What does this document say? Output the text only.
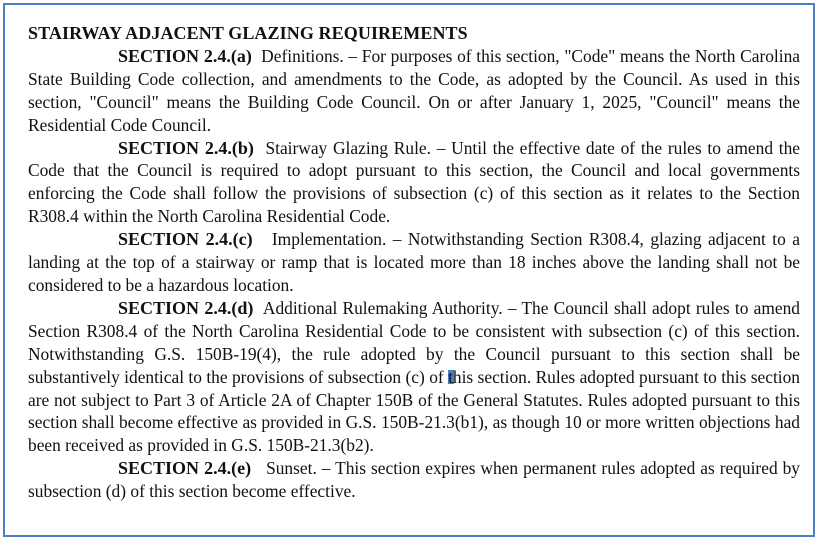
STAIRWAY ADJACENT GLAZING REQUIREMENTS

SECTION 2.4.(a) Definitions. – For purposes of this section, "Code" means the North Carolina State Building Code collection, and amendments to the Code, as adopted by the Council. As used in this section, "Council" means the Building Code Council. On or after January 1, 2025, "Council" means the Residential Code Council.

SECTION 2.4.(b) Stairway Glazing Rule. – Until the effective date of the rules to amend the Code that the Council is required to adopt pursuant to this section, the Council and local governments enforcing the Code shall follow the provisions of subsection (c) of this section as it relates to the Section R308.4 within the North Carolina Residential Code.

SECTION 2.4.(c) Implementation. – Notwithstanding Section R308.4, glazing adjacent to a landing at the top of a stairway or ramp that is located more than 18 inches above the landing shall not be considered to be a hazardous location.

SECTION 2.4.(d) Additional Rulemaking Authority. – The Council shall adopt rules to amend Section R308.4 of the North Carolina Residential Code to be consistent with subsection (c) of this section. Notwithstanding G.S. 150B-19(4), the rule adopted by the Council pursuant to this section shall be substantively identical to the provisions of subsection (c) of this section. Rules adopted pursuant to this section are not subject to Part 3 of Article 2A of Chapter 150B of the General Statutes. Rules adopted pursuant to this section shall become effective as provided in G.S. 150B-21.3(b1), as though 10 or more written objections had been received as provided in G.S. 150B-21.3(b2).

SECTION 2.4.(e) Sunset. – This section expires when permanent rules adopted as required by subsection (d) of this section become effective.
